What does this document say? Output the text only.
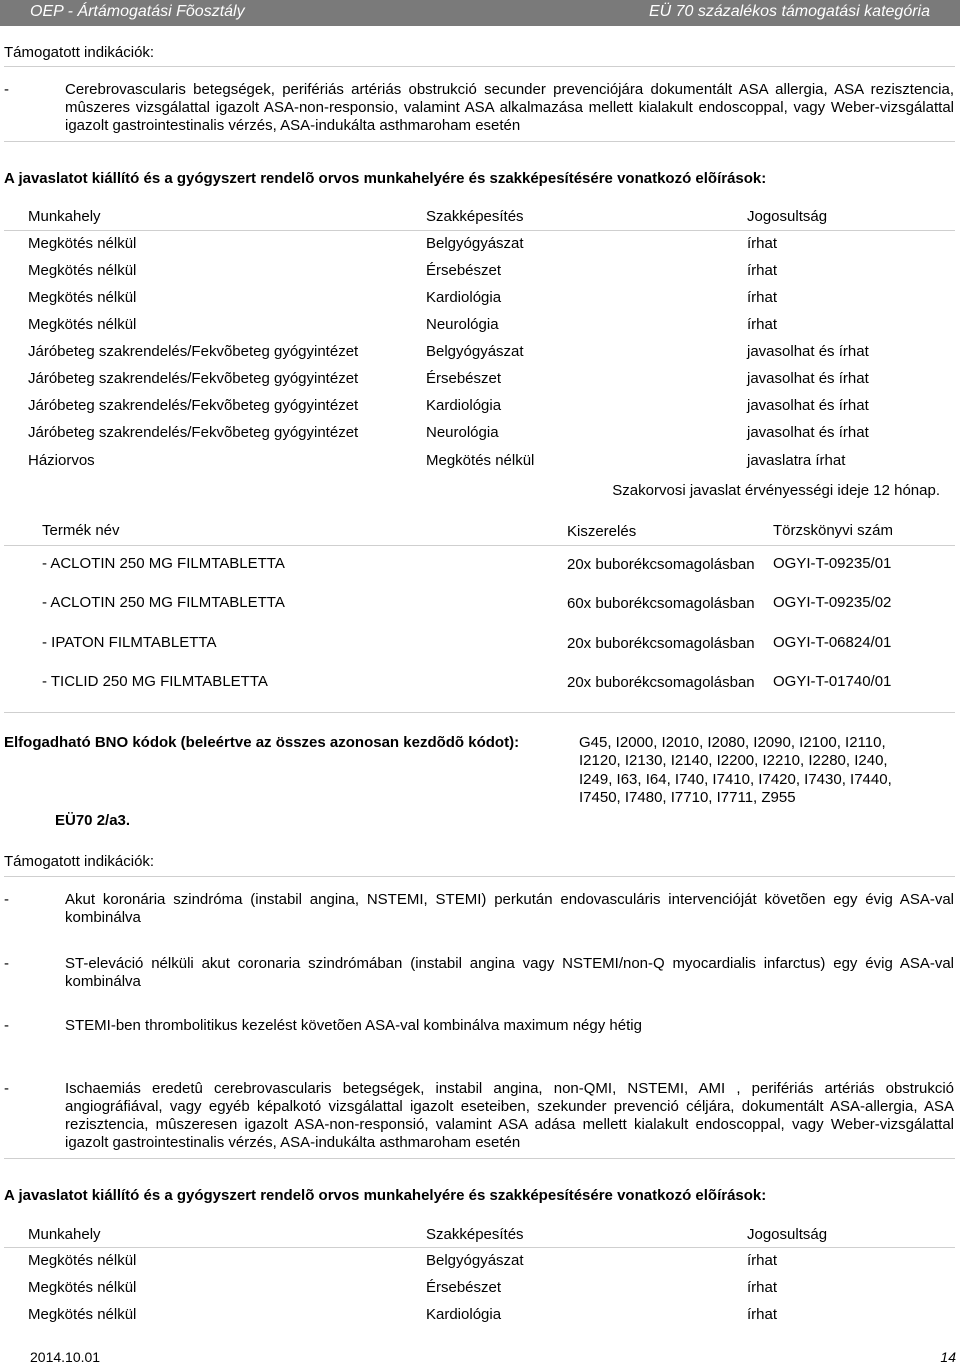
OEP - Ártámogatási Fõosztály	EÜ 70 százalékos támogatási kategória
Támogatott indikációk:
-	Cerebrovascularis betegségek, perifériás artériás obstrukció secunder prevenciójára dokumentált ASA allergia, ASA rezisztencia, mûszeres vizsgálattal igazolt ASA-non-responsio, valamint ASA alkalmazása mellett kialakult endoscoppal, vagy Weber-vizsgálattal igazolt gastrointestinalis vérzés, ASA-indukálta asthmaroham esetén
A javaslatot kiállító és a gyógyszert rendelõ orvos munkahelyére és szakképesítésére vonatkozó elõírások:
Munkahely	Szakképesítés	Jogosultság
Megkötés nélkül	Belgyógyászat	írhat
Megkötés nélkül	Érsebészet	írhat
Megkötés nélkül	Kardiológia	írhat
Megkötés nélkül	Neurológia	írhat
Járóbeteg szakrendelés/Fekvõbeteg gyógyintézet	Belgyógyászat	javasolhat és írhat
Járóbeteg szakrendelés/Fekvõbeteg gyógyintézet	Érsebészet	javasolhat és írhat
Járóbeteg szakrendelés/Fekvõbeteg gyógyintézet	Kardiológia	javasolhat és írhat
Járóbeteg szakrendelés/Fekvõbeteg gyógyintézet	Neurológia	javasolhat és írhat
Háziorvos	Megkötés nélkül	javaslatra írhat
Szakorvosi javaslat érvényességi ideje 12 hónap.
Termék név	Kiszerelés	Törzskönyvi szám
- ACLOTIN 250 MG FILMTABLETTA	20x buborékcsomagolásban OGYI-T-09235/01
- ACLOTIN 250 MG FILMTABLETTA	60x buborékcsomagolásban OGYI-T-09235/02
- IPATON FILMTABLETTA	20x buborékcsomagolásban OGYI-T-06824/01
- TICLID 250 MG FILMTABLETTA	20x buborékcsomagolásban OGYI-T-01740/01
Elfogadható BNO kódok (beleértve az összes azonosan kezdõdõ kódot):	G45, I2000, I2010, I2080, I2090, I2100, I2110,
I2120, I2130, I2140, I2200, I2210, I2280, I240,
I249, I63, I64, I740, I7410, I7420, I7430, I7440,
I7450, I7480, I7710, I7711, Z955
EÜ70 2/a3.
Támogatott indikációk:
-	Akut koronária szindróma (instabil angina, NSTEMI, STEMI) perkután endovasculáris intervencióját követõen egy évig ASA-val kombinálva
-	ST-eleváció nélküli akut coronaria szindrómában (instabil angina vagy NSTEMI/non-Q myocardialis infarctus) egy évig ASA-val kombinálva
-	STEMI-ben thrombolitikus kezelést követõen ASA-val kombinálva maximum négy hétig
-	Ischaemiás eredetû cerebrovascularis betegségek, instabil angina, non-QMI, NSTEMI, AMI , perifériás artériás obstrukció angiográfiával, vagy egyéb képalkotó vizsgálattal igazolt eseteiben, szekunder prevenció céljára, dokumentált ASA-allergia, ASA rezisztencia, mûszeresen igazolt ASA-non-responsió, valamint ASA adása mellett kialakult endoscoppal, vagy Weber-vizsgálattal igazolt gastrointestinalis vérzés, ASA-indukálta asthmaroham esetén
A javaslatot kiállító és a gyógyszert rendelõ orvos munkahelyére és szakképesítésére vonatkozó elõírások:
Munkahely	Szakképesítés	Jogosultság
Megkötés nélkül	Belgyógyászat	írhat
Megkötés nélkül	Érsebészet	írhat
Megkötés nélkül	Kardiológia	írhat
2014.10.01	14
